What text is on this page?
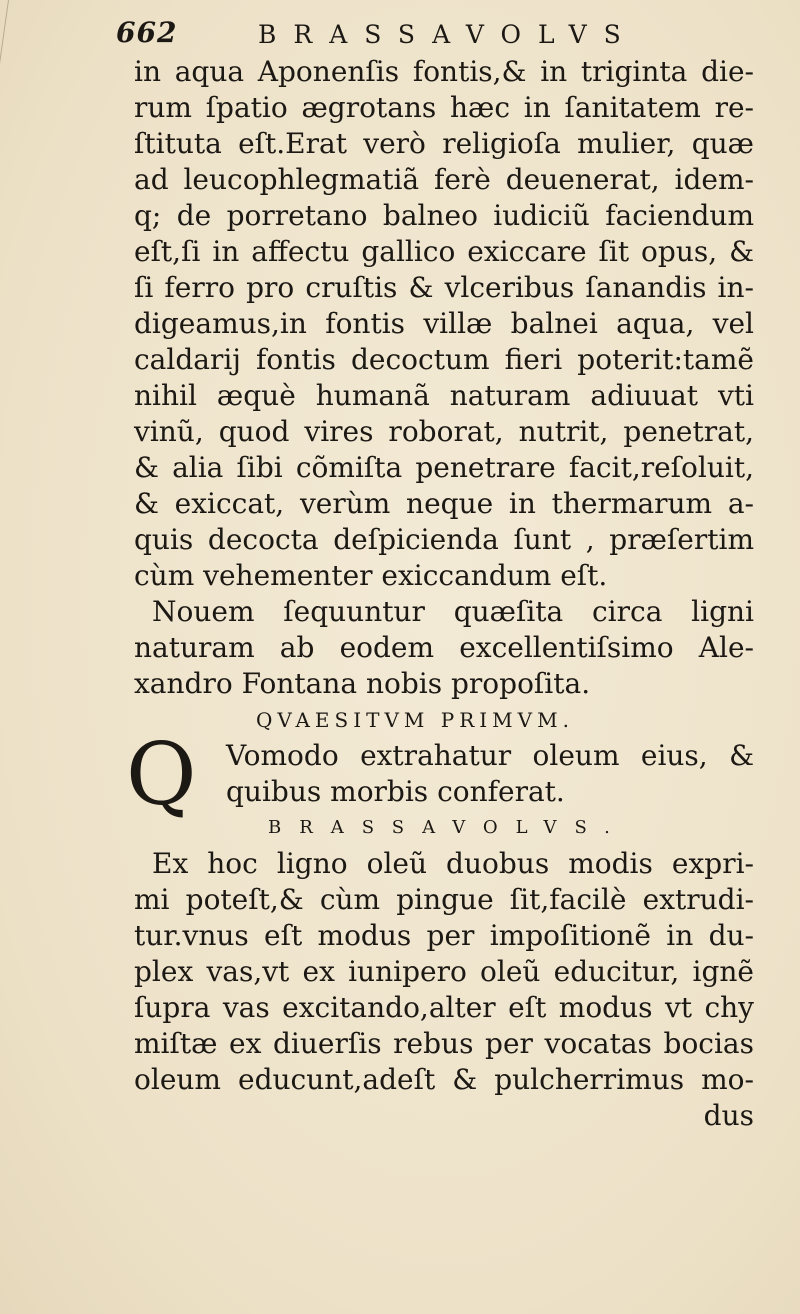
662	BRASSAVOLVS
in aqua Aponenſis fontis,& in triginta die-
rum ſpatio ægrotans hæc in ſanitatem re-
ſtituta eſt.Erat verò religioſa mulier, quæ
ad leucophlegmatiã ferè deuenerat, idem-
q; de porretano balneo iudiciũ faciendum
eſt,ſi in affectu gallico exiccare ſit opus, &
ſi ferro pro cruſtis & vlceribus ſanandis in-
digeamus,in fontis villæ balnei aqua, vel
caldarij fontis decoctum fieri poterit:tamẽ
nihil æquè humanã naturam adiuuat vti
vinũ, quod vires roborat, nutrit, penetrat,
& alia ſibi cõmiſta penetrare facit,reſoluit,
& exiccat, verùm neque in thermarum a-
quis decocta deſpicienda ſunt , præſertim
cùm vehementer exiccandum eſt.
Nouem ſequuntur quæſita circa ligni
naturam ab eodem excellentiſsimo Ale-
xandro Fontana nobis propoſita.
QVAESITVM PRIMVM.
Q Vomodo extrahatur oleum eius, &
quibus morbis conferat.
BRASSAVOLVS.
Ex hoc ligno oleũ duobus modis expri-
mi poteſt,& cùm pingue ſit,facilè extrudi-
tur.vnus eſt modus per impoſitionẽ in du-
plex vas,vt ex iunipero oleũ educitur, ignẽ
ſupra vas excitando,alter eſt modus vt chy
miſtæ ex diuerſis rebus per vocatas bocias
oleum educunt,adeſt & pulcherrimus mo-
dus
